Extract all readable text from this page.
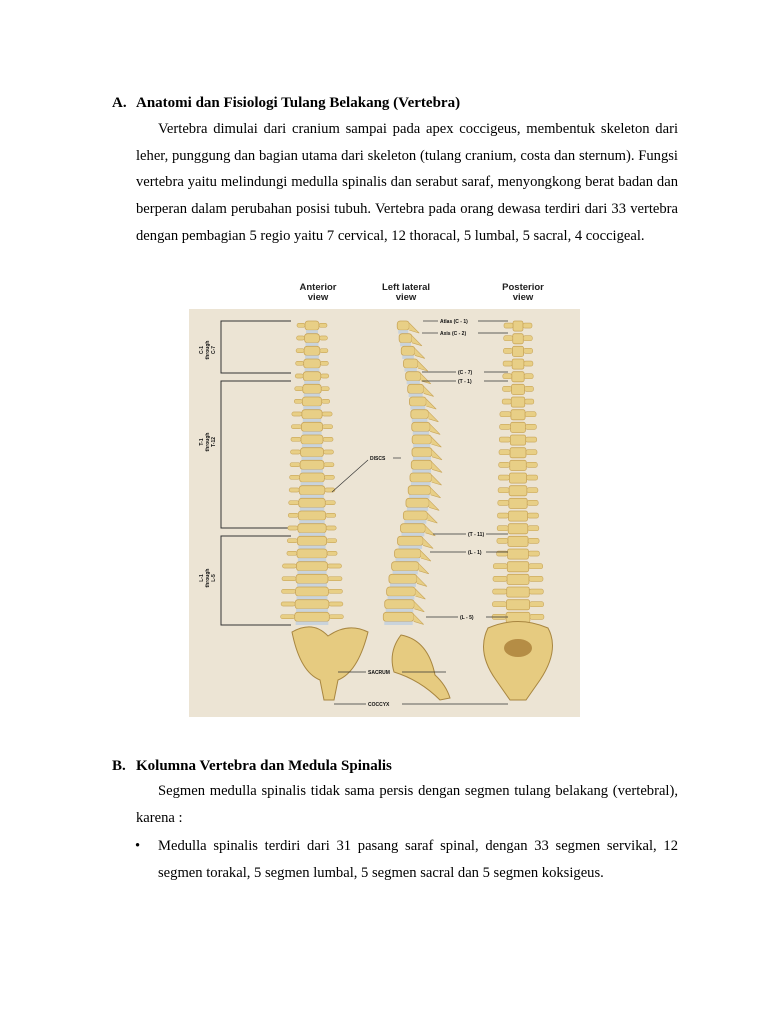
A. Anatomi dan Fisiologi Tulang Belakang (Vertebra)
Vertebra dimulai dari cranium sampai pada apex coccigeus, membentuk skeleton dari leher, punggung dan bagian utama dari skeleton (tulang cranium, costa dan sternum). Fungsi vertebra yaitu melindungi medulla spinalis dan serabut saraf, menyongkong berat badan dan berperan dalam perubahan posisi tubuh. Vertebra pada orang dewasa terdiri dari 33 vertebra dengan pembagian 5 regio yaitu 7 cervical, 12 thoracal, 5 lumbal, 5 sacral, 4 coccigeal.
Anterior
view
Left lateral
view
Posterior
view
C-1 through C-7
T-1 through T-12
L-1 through L-5
Atlas (C - 1)
Axis (C - 2)
(C - 7)
(T - 1)
(T - 11)
(L - 1)
(L - 5)
DISCS
SACRUM
COCCYX
B. Kolumna Vertebra dan Medula Spinalis
Segmen medulla spinalis tidak sama persis dengan segmen tulang belakang (vertebral), karena :
•	Medulla spinalis terdiri dari 31 pasang saraf spinal, dengan 33 segmen servikal, 12 segmen torakal, 5 segmen lumbal, 5 segmen sacral dan 5 segmen koksigeus.
